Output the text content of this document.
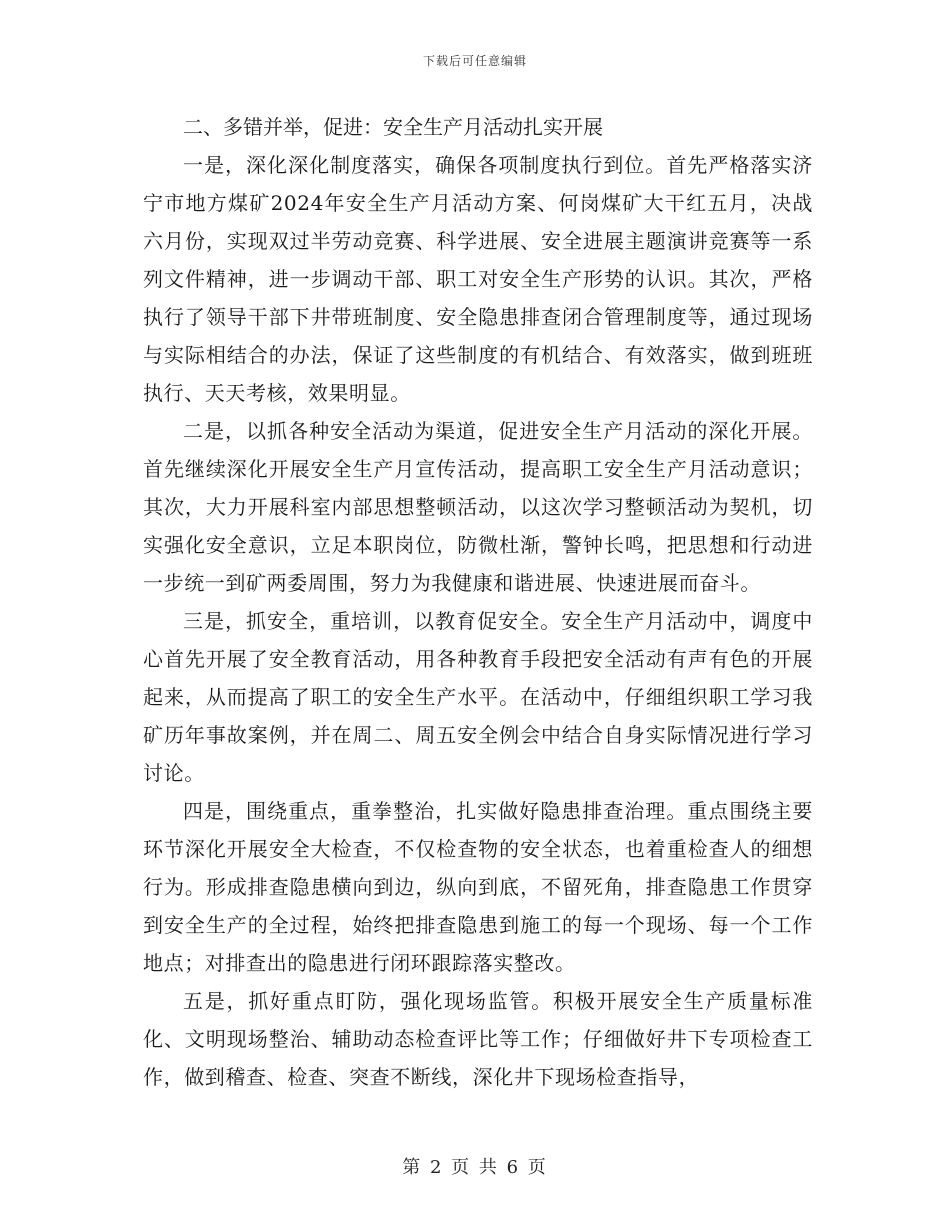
下载后可任意编辑

二、多错并举，促进：安全生产月活动扎实开展

一是，深化深化制度落实，确保各项制度执行到位。首先严格落实济宁市地方煤矿2024年安全生产月活动方案、何岗煤矿大干红五月，决战六月份，实现双过半劳动竞赛、科学进展、安全进展主题演讲竞赛等一系列文件精神，进一步调动干部、职工对安全生产形势的认识。其次，严格执行了领导干部下井带班制度、安全隐患排查闭合管理制度等，通过现场与实际相结合的办法，保证了这些制度的有机结合、有效落实，做到班班执行、天天考核，效果明显。

二是，以抓各种安全活动为渠道，促进安全生产月活动的深化开展。首先继续深化开展安全生产月宣传活动，提高职工安全生产月活动意识；其次，大力开展科室内部思想整顿活动，以这次学习整顿活动为契机，切实强化安全意识，立足本职岗位，防微杜渐，警钟长鸣，把思想和行动进一步统一到矿两委周围，努力为我健康和谐进展、快速进展而奋斗。

三是，抓安全，重培训，以教育促安全。安全生产月活动中，调度中心首先开展了安全教育活动，用各种教育手段把安全活动有声有色的开展起来，从而提高了职工的安全生产水平。在活动中，仔细组织职工学习我矿历年事故案例，并在周二、周五安全例会中结合自身实际情况进行学习讨论。

四是，围绕重点，重拳整治，扎实做好隐患排查治理。重点围绕主要环节深化开展安全大检查，不仅检查物的安全状态，也着重检查人的细想行为。形成排查隐患横向到边，纵向到底，不留死角，排查隐患工作贯穿到安全生产的全过程，始终把排查隐患到施工的每一个现场、每一个工作地点；对排查出的隐患进行闭环跟踪落实整改。

五是，抓好重点盯防，强化现场监管。积极开展安全生产质量标准化、文明现场整治、辅助动态检查评比等工作；仔细做好井下专项检查工作，做到稽查、检查、突查不断线，深化井下现场检查指导，

第 2 页 共 6 页
